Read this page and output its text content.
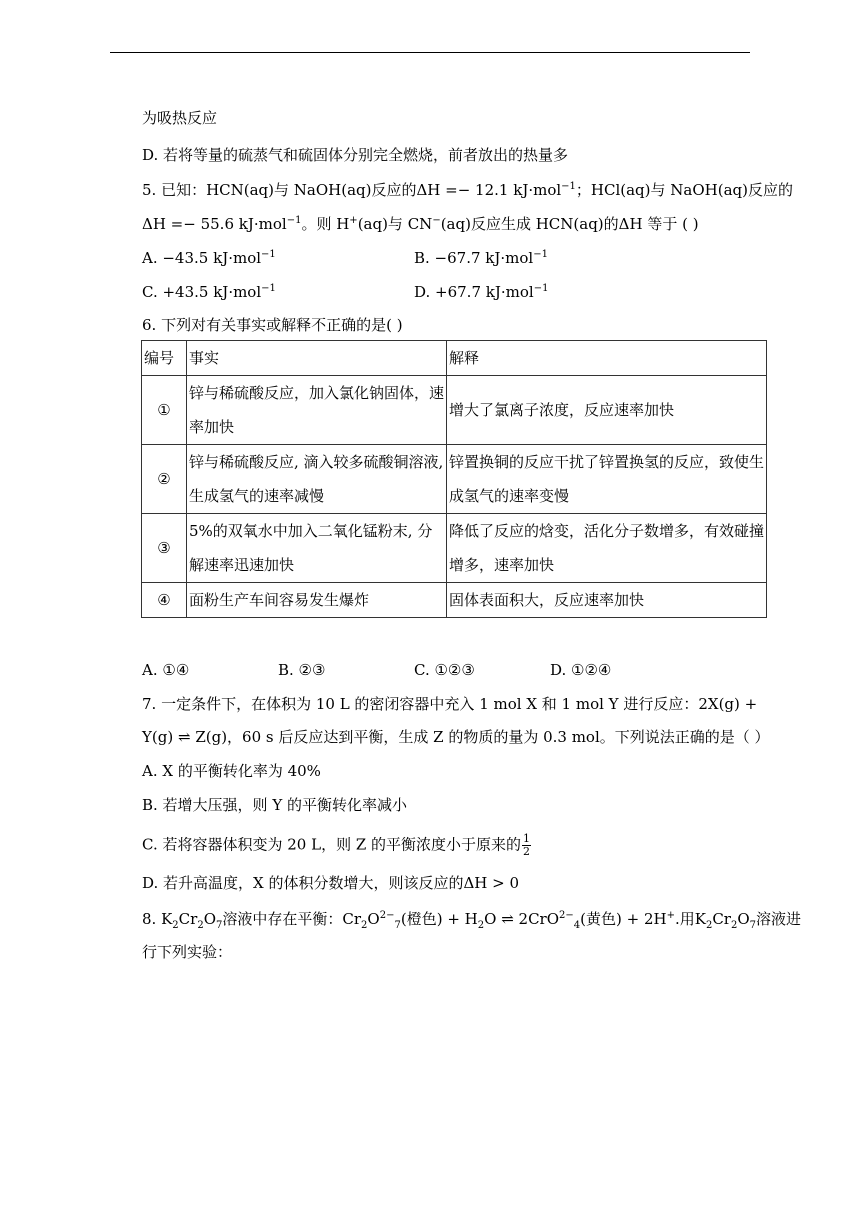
为吸热反应
D. 若将等量的硫蒸气和硫固体分别完全燃烧，前者放出的热量多
5. 已知：HCN(aq)与 NaOH(aq)反应的ΔH =− 12.1 kJ·mol$^{-1}$；HCl(aq)与 NaOH(aq)反应的
ΔH =− 55.6 kJ·mol$^{-1}$。则 H+(aq)与 CN−(aq)反应生成 HCN(aq)的ΔH 等于 ( )
A. −43.5 kJ·mol$^{-1}$	B. −67.7 kJ·mol$^{-1}$
C. +43.5 kJ·mol$^{-1}$	D. +67.7 kJ·mol$^{-1}$
6. 下列对有关事实或解释不正确的是( )
编号	事实	解释
①	锌与稀硫酸反应，加入氯化钠固体，速率加快	增大了氯离子浓度，反应速率加快
②	锌与稀硫酸反应, 滴入较多硫酸铜溶液, 生成氢气的速率减慢	锌置换铜的反应干扰了锌置换氢的反应，致使生成氢气的速率变慢
③	5%的双氧水中加入二氧化锰粉末, 分解速率迅速加快	降低了反应的焓变，活化分子数增多，有效碰撞增多，速率加快
④	面粉生产车间容易发生爆炸	固体表面积大，反应速率加快
A. ①④	B. ②③	C. ①②③	D. ①②④
7. 一定条件下，在体积为 10 L 的密闭容器中充入 1 mol X 和 1 mol Y 进行反应：2X(g) +
Y(g) ⇌ Z(g)，60 s 后反应达到平衡，生成 Z 的物质的量为 0.3 mol。下列说法正确的是（ ）
A. X 的平衡转化率为 40%
B. 若增大压强，则 Y 的平衡转化率减小
C. 若将容器体积变为 20 L，则 Z 的平衡浓度小于原来的 $\frac{1}{2}$
D. 若升高温度，X 的体积分数增大，则该反应的ΔH > 0
8. $K_2Cr_2O_7$溶液中存在平衡：$Cr_2O^{2-}_7$(橙色) + $H_2O$ ⇌ 2CrO$^{2-}_4$(黄色) + 2H+.用$K_2Cr_2O_7$溶液进
行下列实验：
